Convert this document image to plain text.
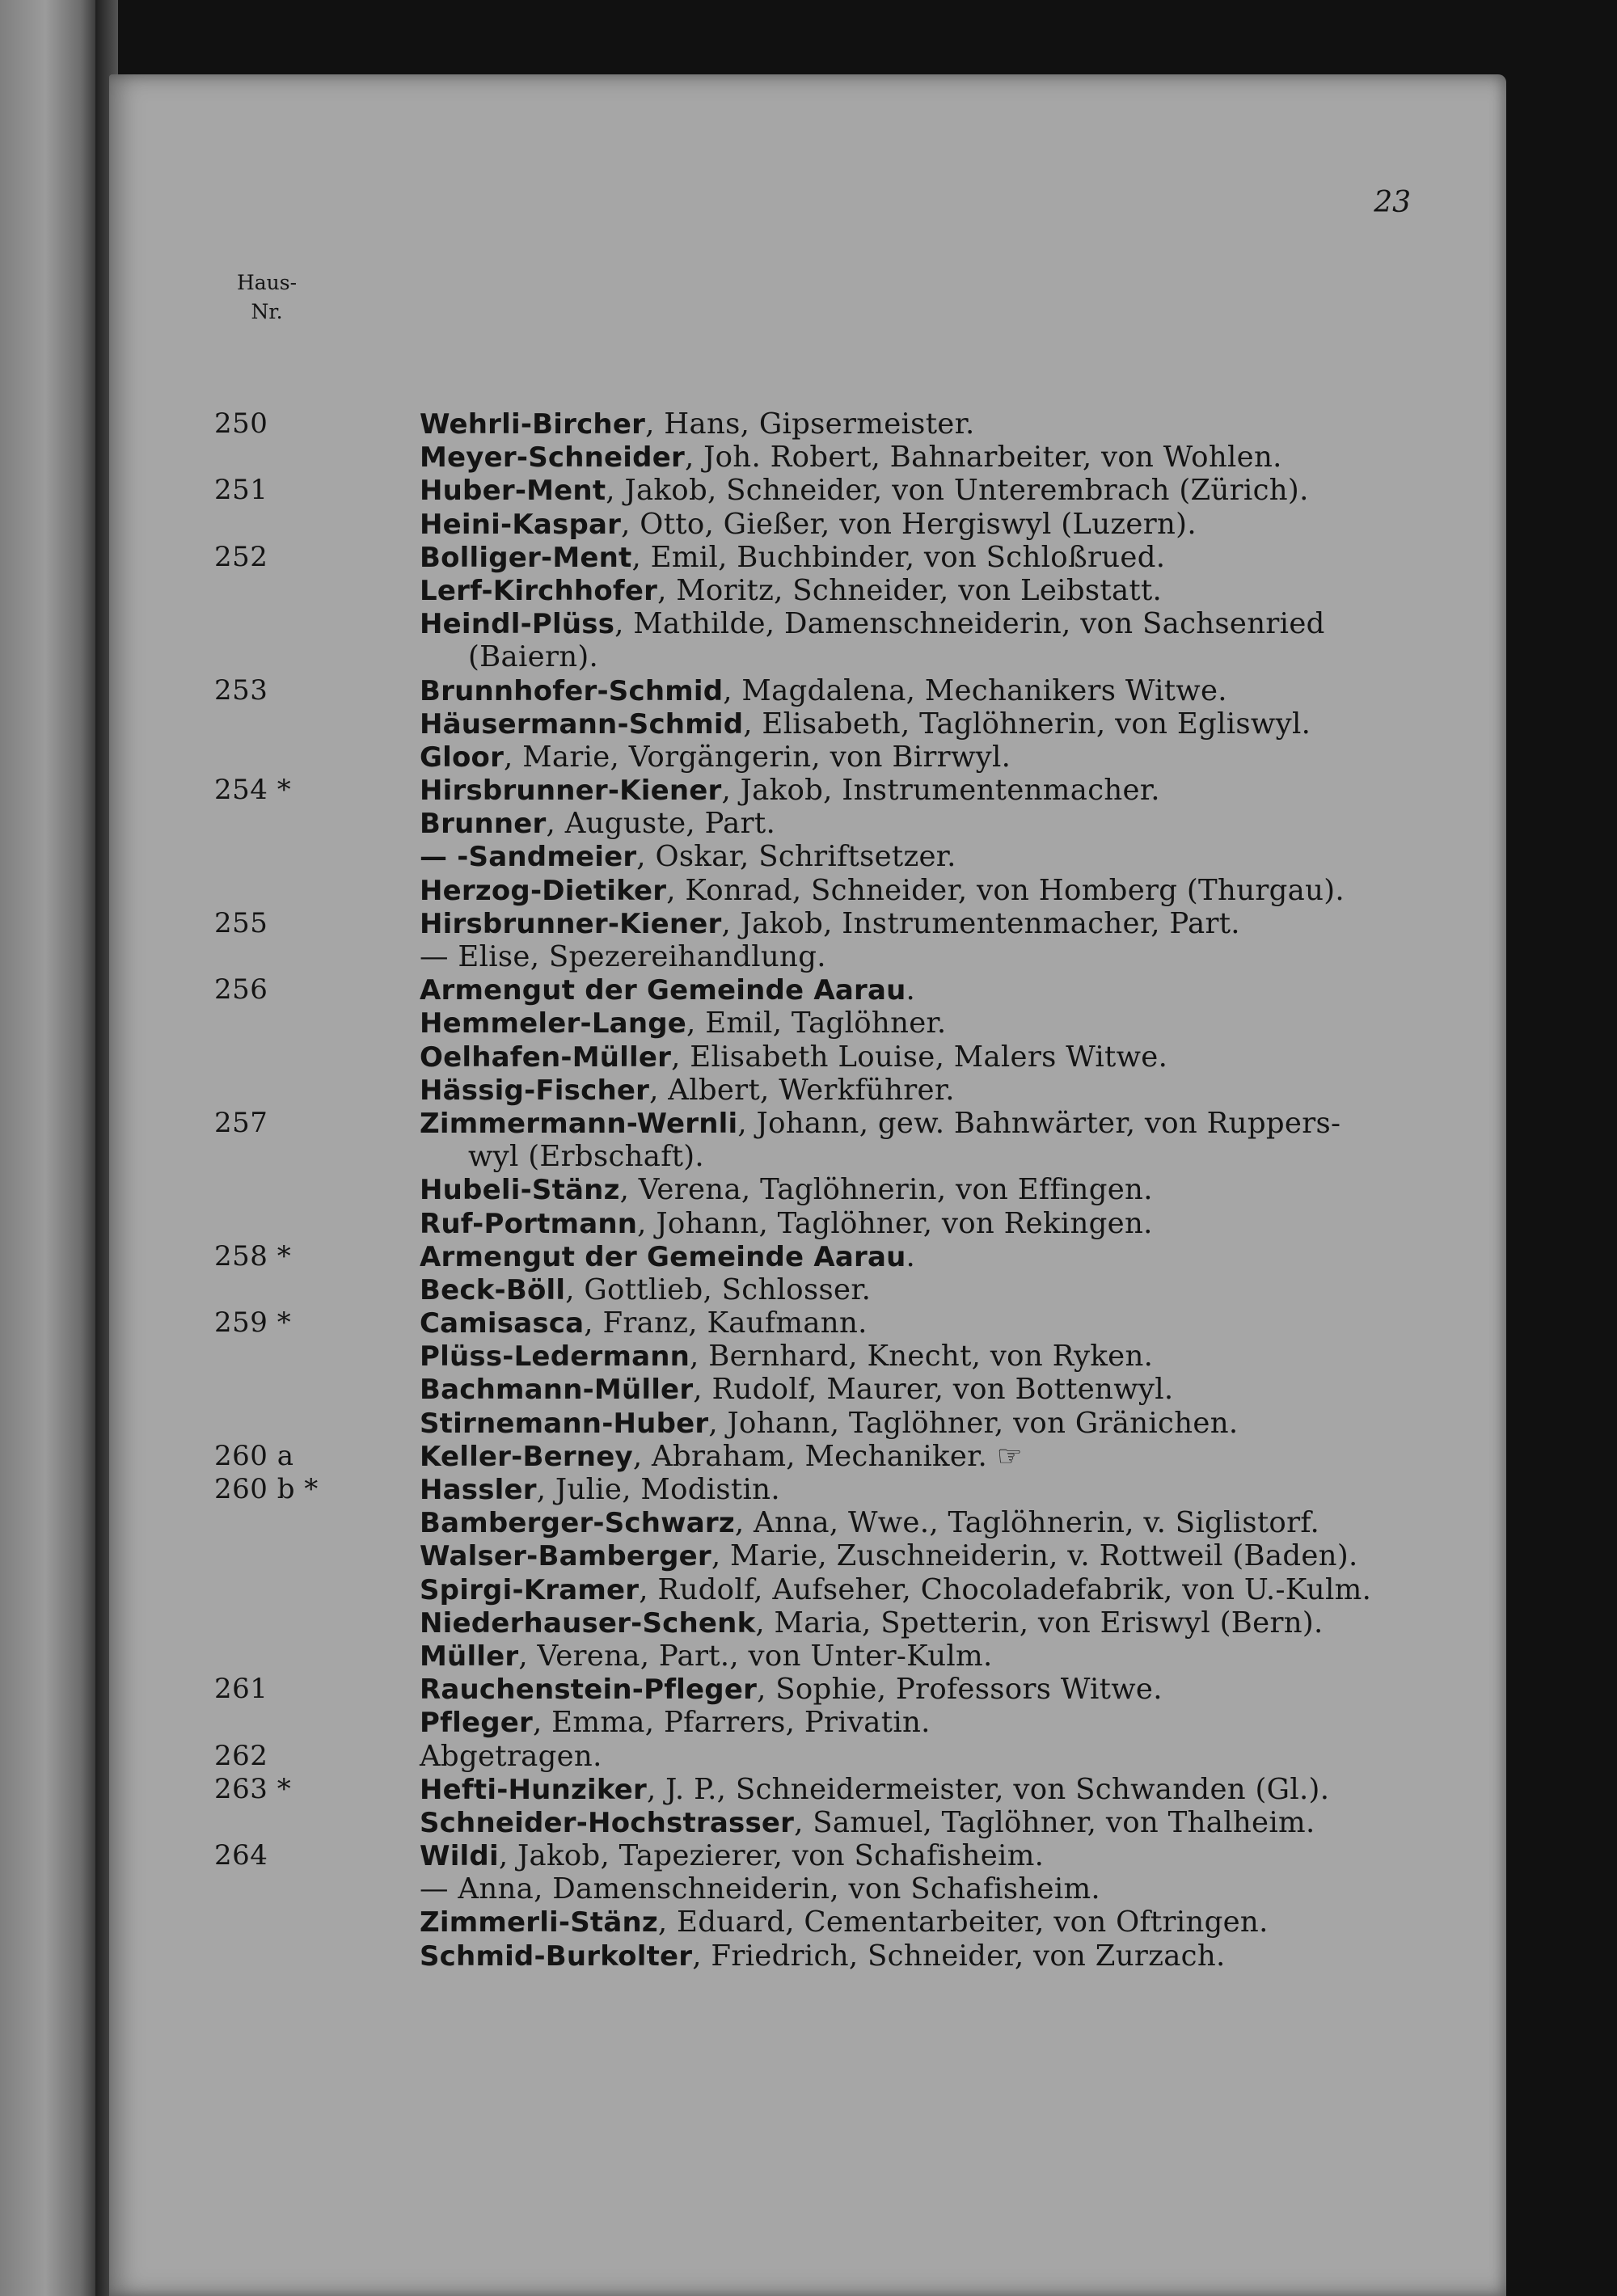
23
Haus-
Nr.
250	Wehrli-Bircher, Hans, Gipsermeister.
Meyer-Schneider, Joh. Robert, Bahnarbeiter, von Wohlen.
251	Huber-Ment, Jakob, Schneider, von Unterembrach (Zürich).
Heini-Kaspar, Otto, Gießer, von Hergiswyl (Luzern).
252	Bolliger-Ment, Emil, Buchbinder, von Schloßrued.
Lerf-Kirchhofer, Moritz, Schneider, von Leibstatt.
Heindl-Plüss, Mathilde, Damenschneiderin, von Sachsenried
(Baiern).
253	Brunnhofer-Schmid, Magdalena, Mechanikers Witwe.
Häusermann-Schmid, Elisabeth, Taglöhnerin, von Egliswyl.
Gloor, Marie, Vorgängerin, von Birrwyl.
254 *	Hirsbrunner-Kiener, Jakob, Instrumentenmacher.
Brunner, Auguste, Part.
— -Sandmeier, Oskar, Schriftsetzer.
Herzog-Dietiker, Konrad, Schneider, von Homberg (Thurgau).
255	Hirsbrunner-Kiener, Jakob, Instrumentenmacher, Part.
— Elise, Spezereihandlung.
256	Armengut der Gemeinde Aarau.
Hemmeler-Lange, Emil, Taglöhner.
Oelhafen-Müller, Elisabeth Louise, Malers Witwe.
Hässig-Fischer, Albert, Werkführer.
257	Zimmermann-Wernli, Johann, gew. Bahnwärter, von Ruppers-
wyl (Erbschaft).
Hubeli-Stänz, Verena, Taglöhnerin, von Effingen.
Ruf-Portmann, Johann, Taglöhner, von Rekingen.
258 *	Armengut der Gemeinde Aarau.
Beck-Böll, Gottlieb, Schlosser.
259 *	Camisasca, Franz, Kaufmann.
Plüss-Ledermann, Bernhard, Knecht, von Ryken.
Bachmann-Müller, Rudolf, Maurer, von Bottenwyl.
Stirnemann-Huber, Johann, Taglöhner, von Gränichen.
260 a	Keller-Berney, Abraham, Mechaniker. ☞
260 b *	Hassler, Julie, Modistin.
Bamberger-Schwarz, Anna, Wwe., Taglöhnerin, v. Siglistorf.
Walser-Bamberger, Marie, Zuschneiderin, v. Rottweil (Baden).
Spirgi-Kramer, Rudolf, Aufseher, Chocoladefabrik, von U.-Kulm.
Niederhauser-Schenk, Maria, Spetterin, von Eriswyl (Bern).
Müller, Verena, Part., von Unter-Kulm.
261	Rauchenstein-Pfleger, Sophie, Professors Witwe.
Pfleger, Emma, Pfarrers, Privatin.
262	Abgetragen.
263 *	Hefti-Hunziker, J. P., Schneidermeister, von Schwanden (Gl.).
Schneider-Hochstrasser, Samuel, Taglöhner, von Thalheim.
264	Wildi, Jakob, Tapezierer, von Schafisheim.
— Anna, Damenschneiderin, von Schafisheim.
Zimmerli-Stänz, Eduard, Cementarbeiter, von Oftringen.
Schmid-Burkolter, Friedrich, Schneider, von Zurzach.
